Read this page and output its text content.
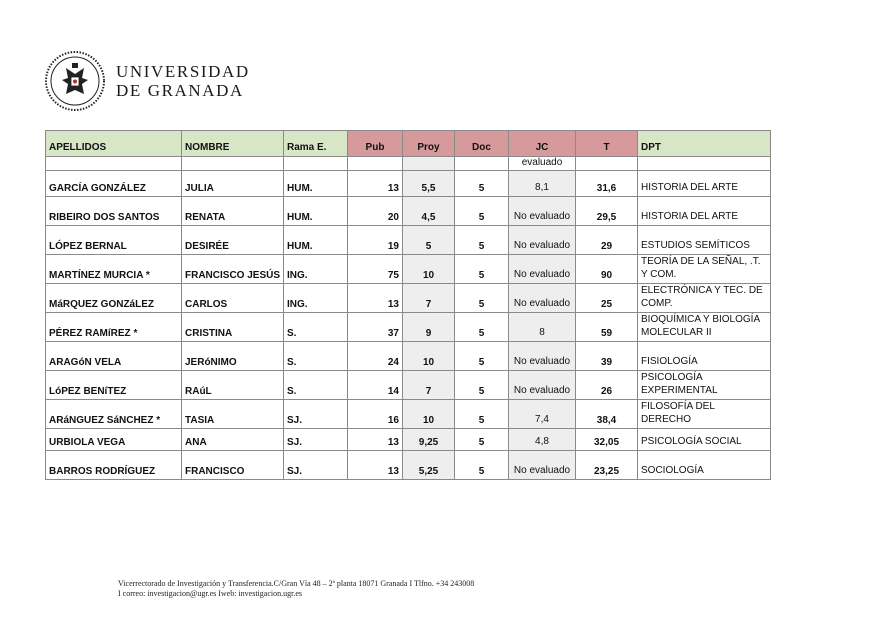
UNIVERSIDAD
DE GRANADA
APELLIDOS	NOMBRE	Rama E.	Pub	Proy	Doc	JC	T	DPT
						evaluado		
GARCÍA GONZÁLEZ	JULIA	HUM.	13	5,5	5	8,1	31,6	HISTORIA DEL ARTE
RIBEIRO DOS SANTOS	RENATA	HUM.	20	4,5	5	No evaluado	29,5	HISTORIA DEL ARTE
LÓPEZ BERNAL	DESIRÉE	HUM.	19	5	5	No evaluado	29	ESTUDIOS SEMÍTICOS
MARTÍNEZ MURCIA *	FRANCISCO JESÚS	ING.	75	10	5	No evaluado	90	TEORÍA DE LA SEÑAL, .T. Y COM.
MáRQUEZ GONZáLEZ	CARLOS	ING.	13	7	5	No evaluado	25	ELECTRÓNICA Y TEC. DE COMP.
PÉREZ RAMíREZ *	CRISTINA	S.	37	9	5	8	59	BIOQUÍMICA Y BIOLOGÍA MOLECULAR II
ARAGóN VELA	JERóNIMO	S.	24	10	5	No evaluado	39	FISIOLOGÍA
LóPEZ BENíTEZ	RAúL	S.	14	7	5	No evaluado	26	PSICOLOGÍA EXPERIMENTAL
ARáNGUEZ SáNCHEZ *	TASIA	SJ.	16	10	5	7,4	38,4	FILOSOFÍA DEL DERECHO
URBIOLA VEGA	ANA	SJ.	13	9,25	5	4,8	32,05	PSICOLOGÍA SOCIAL
BARROS RODRÍGUEZ	FRANCISCO	SJ.	13	5,25	5	No evaluado	23,25	SOCIOLOGÍA
Vicerrectorado de Investigación y Transferencia.C/Gran Vía 48 – 2ª planta 18071 Granada I Tlfno. +34 243008
I correo: investigacion@ugr.es Iweb: investigacion.ugr.es
